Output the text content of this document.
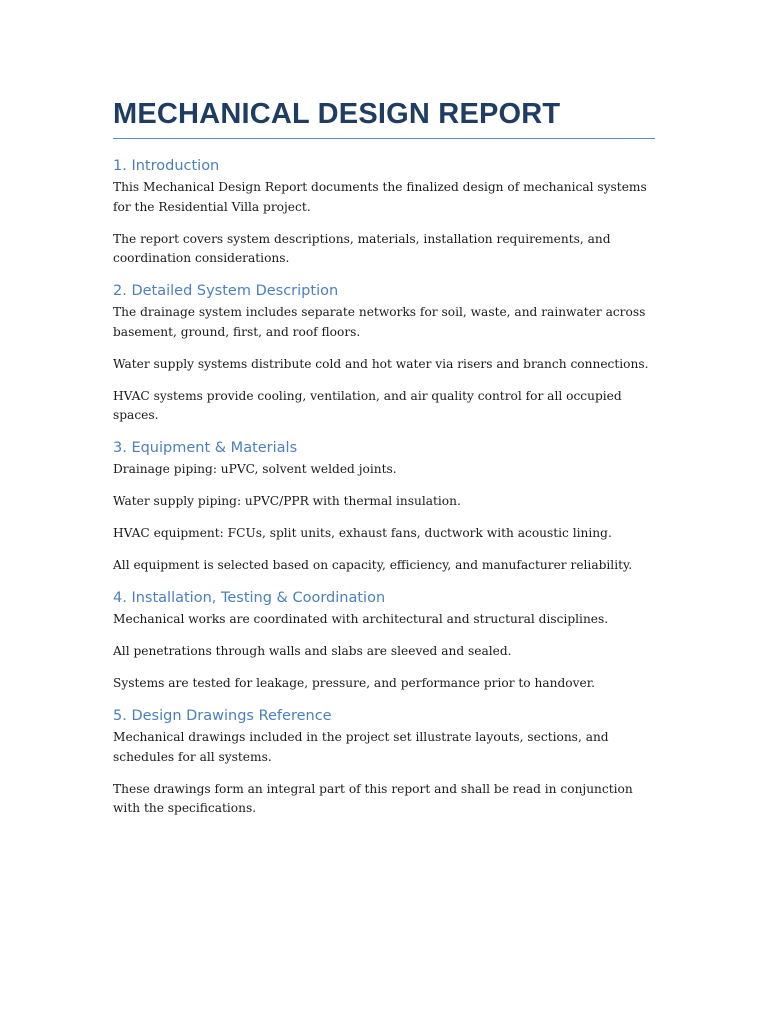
MECHANICAL DESIGN REPORT
1. Introduction

This Mechanical Design Report documents the finalized design of mechanical systems for the Residential Villa project.

The report covers system descriptions, materials, installation requirements, and coordination considerations.

2. Detailed System Description

The drainage system includes separate networks for soil, waste, and rainwater across basement, ground, first, and roof floors.

Water supply systems distribute cold and hot water via risers and branch connections.

HVAC systems provide cooling, ventilation, and air quality control for all occupied spaces.

3. Equipment & Materials

Drainage piping: uPVC, solvent welded joints.

Water supply piping: uPVC/PPR with thermal insulation.

HVAC equipment: FCUs, split units, exhaust fans, ductwork with acoustic lining.

All equipment is selected based on capacity, efficiency, and manufacturer reliability.

4. Installation, Testing & Coordination

Mechanical works are coordinated with architectural and structural disciplines.

All penetrations through walls and slabs are sleeved and sealed.

Systems are tested for leakage, pressure, and performance prior to handover.

5. Design Drawings Reference

Mechanical drawings included in the project set illustrate layouts, sections, and schedules for all systems.

These drawings form an integral part of this report and shall be read in conjunction with the specifications.
